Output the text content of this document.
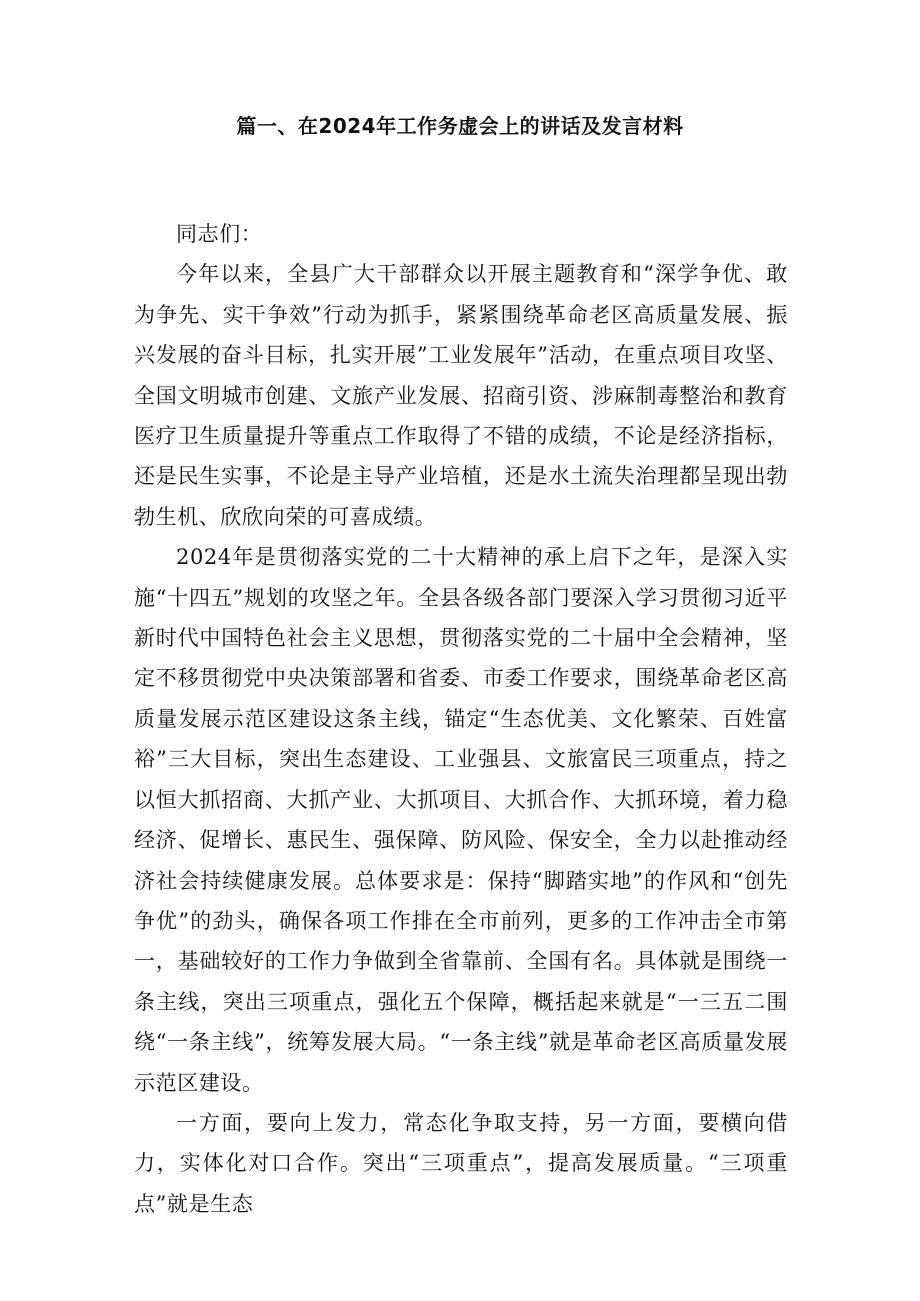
篇一、在2024年工作务虚会上的讲话及发言材料

同志们：

今年以来，全县广大干部群众以开展主题教育和“深学争优、敢为争先、实干争效”行动为抓手，紧紧围绕革命老区高质量发展、振兴发展的奋斗目标，扎实开展”工业发展年”活动，在重点项目攻坚、全国文明城市创建、文旅产业发展、招商引资、涉麻制毒整治和教育医疗卫生质量提升等重点工作取得了不错的成绩，不论是经济指标，还是民生实事，不论是主导产业培植，还是水土流失治理都呈现出勃勃生机、欣欣向荣的可喜成绩。

2024年是贯彻落实党的二十大精神的承上启下之年，是深入实施“十四五”规划的攻坚之年。全县各级各部门要深入学习贯彻习近平新时代中国特色社会主义思想，贯彻落实党的二十届中全会精神，坚定不移贯彻党中央决策部署和省委、市委工作要求，围绕革命老区高质量发展示范区建设这条主线，锚定“生态优美、文化繁荣、百姓富裕”三大目标，突出生态建设、工业强县、文旅富民三项重点，持之以恒大抓招商、大抓产业、大抓项目、大抓合作、大抓环境，着力稳经济、促增长、惠民生、强保障、防风险、保安全，全力以赴推动经济社会持续健康发展。总体要求是：保持“脚踏实地”的作风和“创先争优”的劲头，确保各项工作排在全市前列，更多的工作冲击全市第一，基础较好的工作力争做到全省靠前、全国有名。具体就是围绕一条主线，突出三项重点，强化五个保障，概括起来就是“一三五二围绕“一条主线”，统筹发展大局。“一条主线”就是革命老区高质量发展示范区建设。

一方面，要向上发力，常态化争取支持，另一方面，要横向借力，实体化对口合作。突出“三项重点”，提高发展质量。“三项重点”就是生态
